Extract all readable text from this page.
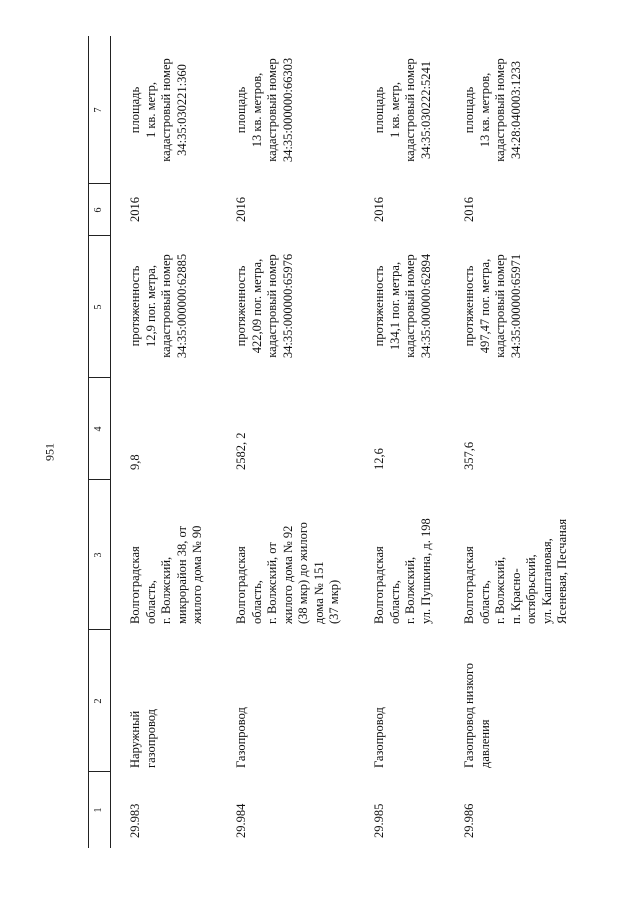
951
1
2
3
4
5
6
7
29.983
Наружный газопровод
Волгоградская область, г. Волжский, микрорайон 38, от жилого дома № 90
9,8
протяженность 12,9 пог. метра, кадастровый номер 34:35:000000:62885
2016
площадь 1 кв. метр, кадастровый номер 34:35:030221:360
29.984
Газопровод
Волгоградская область, г. Волжский, от жилого дома № 92 (38 мкр) до жилого дома № 151 (37 мкр)
2582, 2
протяженность 422,09 пог. метра, кадастровый номер 34:35:000000:65976
2016
площадь 13 кв. метров, кадастровый номер 34:35:000000:66303
29.985
Газопровод
Волгоградская область, г. Волжский, ул. Пушкина, д. 198
12,6
протяженность 134,1 пог. метра, кадастровый номер 34:35:000000:62894
2016
площадь 1 кв. метр, кадастровый номер 34:35:030222:5241
29.986
Газопровод низкого давления
Волгоградская область, г. Волжский, п. Красно- октябрьский, ул. Каштановая, Ясеневая, Песчаная
357,6
протяженность 497,47 пог. метра, кадастровый номер 34:35:000000:65971
2016
площадь 13 кв. метров, кадастровый номер 34:28:040003:1233
